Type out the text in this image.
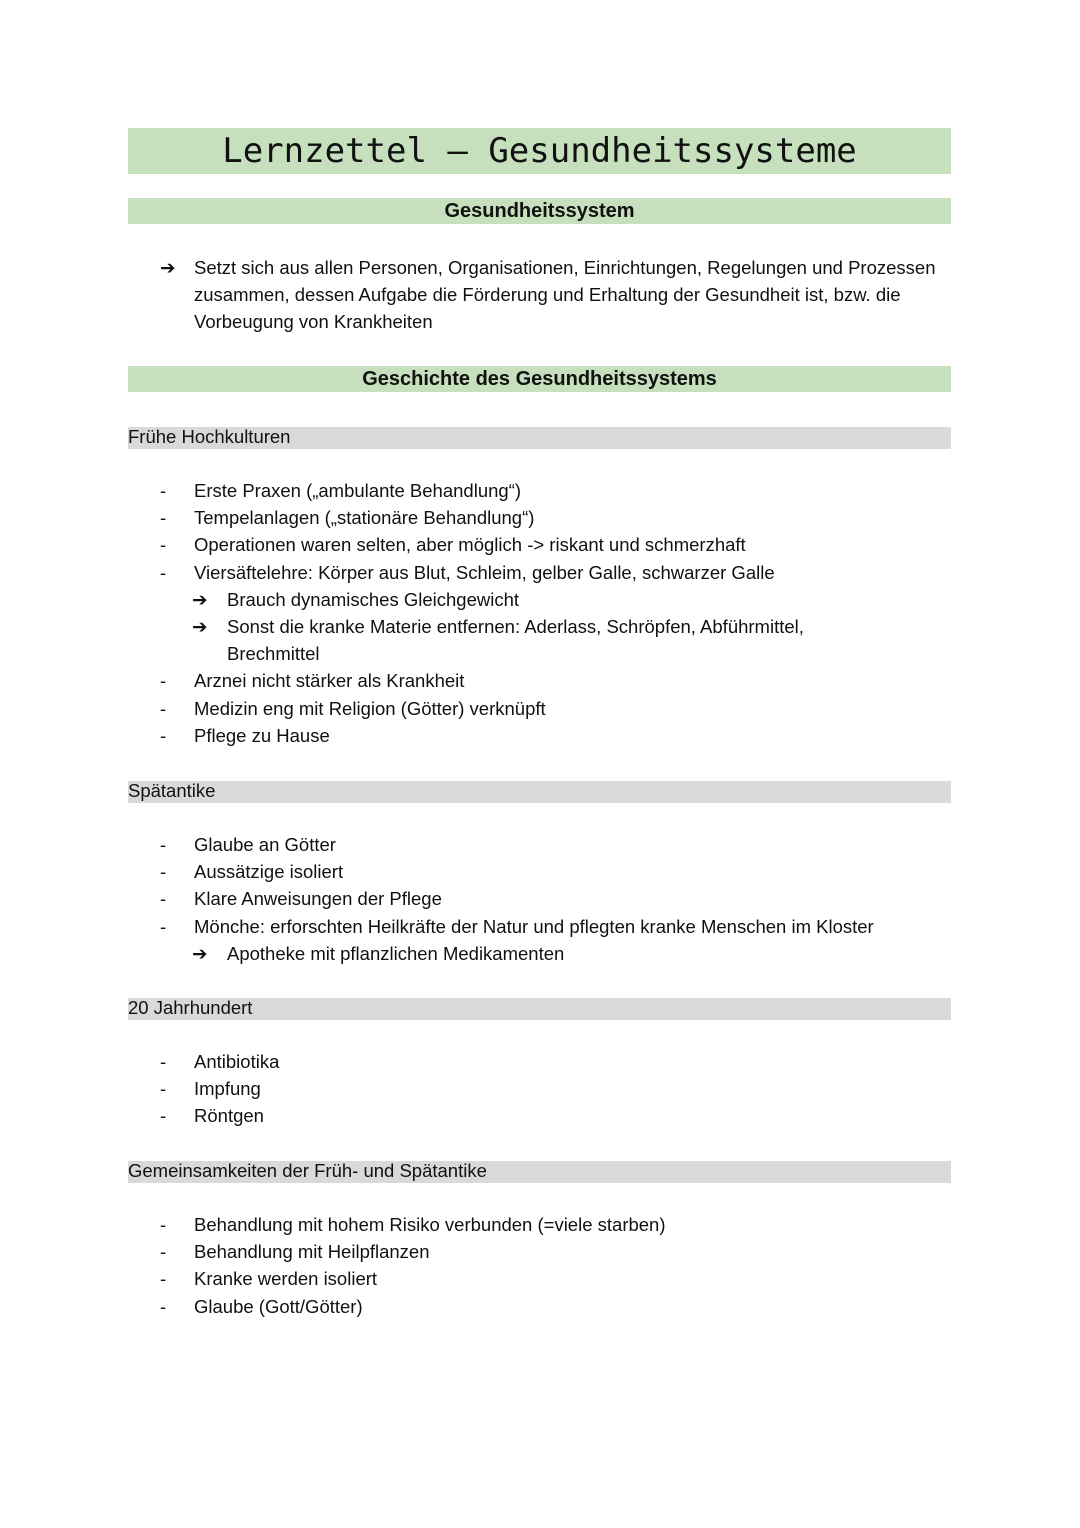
Lernzettel – Gesundheitssysteme
Gesundheitssystem
➔ Setzt sich aus allen Personen, Organisationen, Einrichtungen, Regelungen und Prozessen zusammen, dessen Aufgabe die Förderung und Erhaltung der Gesundheit ist, bzw. die Vorbeugung von Krankheiten
Geschichte des Gesundheitssystems
Frühe Hochkulturen
- Erste Praxen („ambulante Behandlung“)
- Tempelanlagen („stationäre Behandlung“)
- Operationen waren selten, aber möglich -> riskant und schmerzhaft
- Viersäftelehre: Körper aus Blut, Schleim, gelber Galle, schwarzer Galle
➔ Brauch dynamisches Gleichgewicht
➔ Sonst die kranke Materie entfernen: Aderlass, Schröpfen, Abführmittel,
Brechmittel
- Arznei nicht stärker als Krankheit
- Medizin eng mit Religion (Götter) verknüpft
- Pflege zu Hause
Spätantike
- Glaube an Götter
- Aussätzige isoliert
- Klare Anweisungen der Pflege
- Mönche: erforschten Heilkräfte der Natur und pflegten kranke Menschen im Kloster
➔ Apotheke mit pflanzlichen Medikamenten
20 Jahrhundert
- Antibiotika
- Impfung
- Röntgen
Gemeinsamkeiten der Früh- und Spätantike
- Behandlung mit hohem Risiko verbunden (=viele starben)
- Behandlung mit Heilpflanzen
- Kranke werden isoliert
- Glaube (Gott/Götter)
